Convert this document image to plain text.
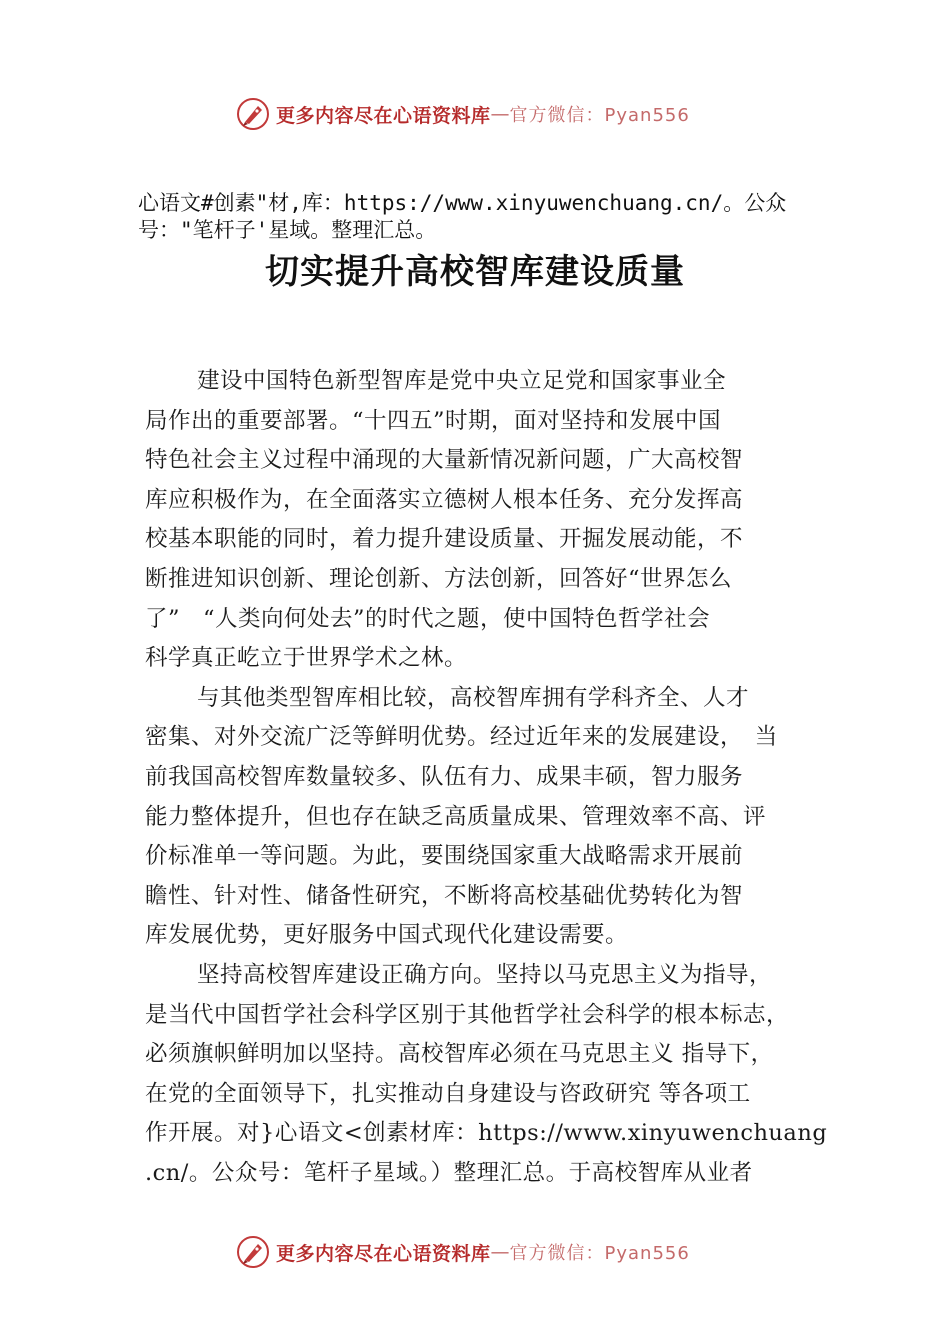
更多内容尽在心语资料库 — 官方微信：Pyan556
心语文#创素"材,库：https://www.xinyuwenchuang.cn/。公众
号："笔杆子'星域。整理汇总。
切实提升高校智库建设质量
建设中国特色新型智库是党中央立足党和国家事业全
局作出的重要部署。“十四五”时期，面对坚持和发展中国
特色社会主义过程中涌现的大量新情况新问题，广大高校智
库应积极作为，在全面落实立德树人根本任务、充分发挥高
校基本职能的同时，着力提升建设质量、开掘发展动能，不
断推进知识创新、理论创新、方法创新，回答好“世界怎么
了”　“人类向何处去”的时代之题，使中国特色哲学社会
科学真正屹立于世界学术之林。
与其他类型智库相比较，高校智库拥有学科齐全、人才
密集、对外交流广泛等鲜明优势。经过近年来的发展建设，　当
前我国高校智库数量较多、队伍有力、成果丰硕，智力服务
能力整体提升，但也存在缺乏高质量成果、管理效率不高、评
价标准单一等问题。为此，要围绕国家重大战略需求开展前
瞻性、针对性、储备性研究，不断将高校基础优势转化为智
库发展优势，更好服务中国式现代化建设需要。
坚持高校智库建设正确方向。坚持以马克思主义为指导，
是当代中国哲学社会科学区别于其他哲学社会科学的根本标志，
必须旗帜鲜明加以坚持。高校智库必须在马克思主义 指导下，
在党的全面领导下，扎实推动自身建设与咨政研究 等各项工
作开展。对}心语文<创素材库：https://www.xinyuwenchuang
.cn/。公众号：笔杆子星域。）整理汇总。于高校智库从业者
更多内容尽在心语资料库 — 官方微信：Pyan556
